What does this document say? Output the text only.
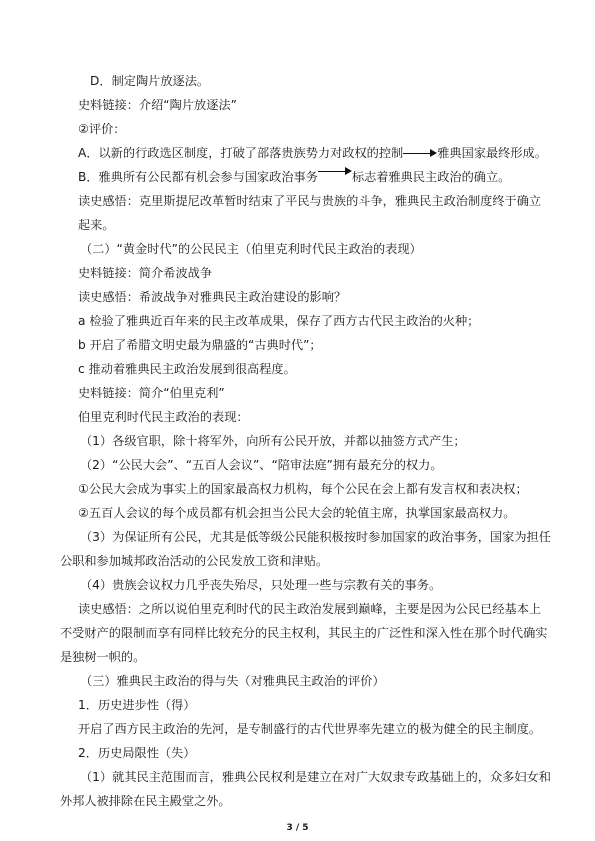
D．制定陶片放逐法。
史料链接：介绍“陶片放逐法”
②评价：
A．以新的行政选区制度，打破了部落贵族势力对政权的控制	雅典国家最终形成。
B．雅典所有公民都有机会参与国家政治事务	标志着雅典民主政治的确立。
读史感悟：克里斯提尼改革暂时结束了平民与贵族的斗争，雅典民主政治制度终于确立
起来。
（二）“黄金时代”的公民民主（伯里克利时代民主政治的表现）
史料链接：简介希波战争
读史感悟：希波战争对雅典民主政治建设的影响？
a 检验了雅典近百年来的民主改革成果，保存了西方古代民主政治的火种；
b 开启了希腊文明史最为鼎盛的“古典时代”；
c 推动着雅典民主政治发展到很高程度。
史料链接：简介“伯里克利”
伯里克利时代民主政治的表现：
（1）各级官职，除十将军外，向所有公民开放，并都以抽签方式产生；
（2）“公民大会”、“五百人会议”、“陪审法庭”拥有最充分的权力。
①公民大会成为事实上的国家最高权力机构，每个公民在会上都有发言权和表决权；
②五百人会议的每个成员都有机会担当公民大会的轮值主席，执掌国家最高权力。
（3）为保证所有公民，尤其是低等级公民能积极按时参加国家的政治事务，国家为担任
公职和参加城邦政治活动的公民发放工资和津贴。
（4）贵族会议权力几乎丧失殆尽，只处理一些与宗教有关的事务。
读史感悟：之所以说伯里克利时代的民主政治发展到巅峰，主要是因为公民已经基本上
不受财产的限制而享有同样比较充分的民主权利，其民主的广泛性和深入性在那个时代确实
是独树一帜的。
（三）雅典民主政治的得与失（对雅典民主政治的评价）
1．历史进步性（得）
开启了西方民主政治的先河，是专制盛行的古代世界率先建立的极为健全的民主制度。
2．历史局限性（失）
（1）就其民主范围而言，雅典公民权利是建立在对广大奴隶专政基础上的，众多妇女和
外邦人被排除在民主殿堂之外。
3 / 5
